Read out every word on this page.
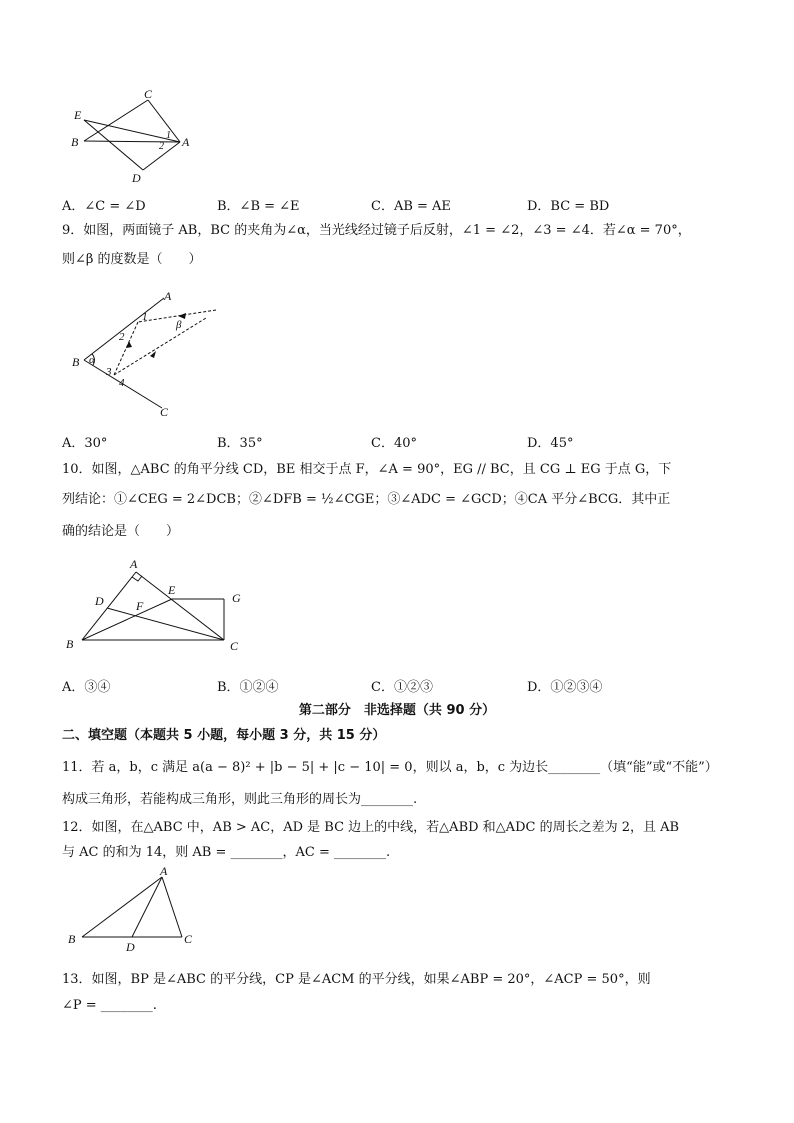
C
E
B	A
D
1
2
A．∠C = ∠D	B．∠B = ∠E	C．AB = AE	D．BC = BD
9．如图，两面镜子 AB，BC 的夹角为∠α，当光线经过镜子后反射，∠1 = ∠2，∠3 = ∠4．若∠α = 70°，
则∠β 的度数是（　　）
A
B
C
α
β
1
2
3
4
A．30°	B．35°	C．40°	D．45°
10．如图，△ABC 的角平分线 CD，BE 相交于点 F，∠A = 90°，EG // BC，且 CG ⊥ EG 于点 G，下
列结论：①∠CEG = 2∠DCB；②∠DFB = ½∠CGE；③∠ADC = ∠GCD；④CA 平分∠BCG．其中正
确的结论是（　　）
A
D	F
E
G
B	C
A．③④	B．①②④	C．①②③	D．①②③④
第二部分　非选择题（共 90 分）
二、填空题（本题共 5 小题，每小题 3 分，共 15 分）
11．若 a，b，c 满足 a(a − 8)² + |b − 5| + |c − 10| = 0，则以 a，b，c 为边长________（填“能”或“不能”）
构成三角形，若能构成三角形，则此三角形的周长为________.
12．如图，在△ABC 中，AB > AC，AD 是 BC 边上的中线，若△ABD 和△ADC 的周长之差为 2，且 AB
与 AC 的和为 14，则 AB = ________，AC = ________.
A
B
D
C
13．如图，BP 是∠ABC 的平分线，CP 是∠ACM 的平分线，如果∠ABP = 20°，∠ACP = 50°，则
∠P = ________.
